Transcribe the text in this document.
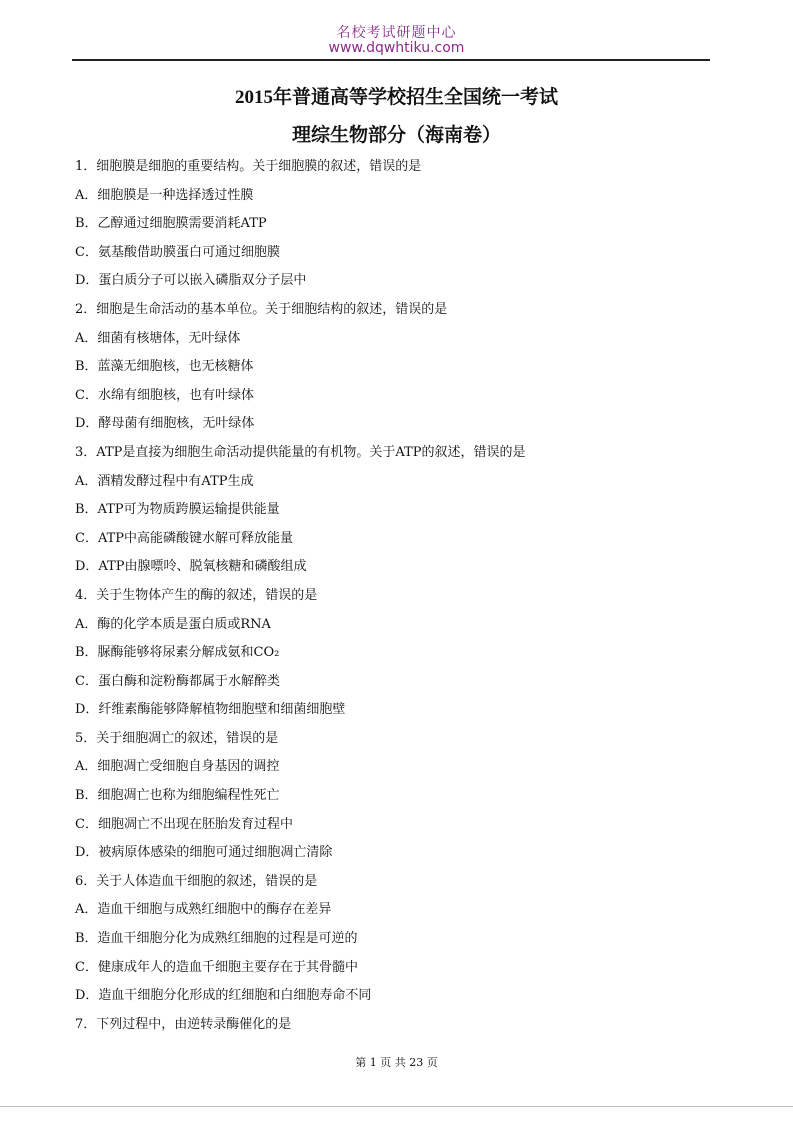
名校考试研题中心
www.dqwhtiku.com
2015年普通高等学校招生全国统一考试
理综生物部分（海南卷）
1．细胞膜是细胞的重要结构。关于细胞膜的叙述，错误的是
A．细胞膜是一种选择透过性膜
B．乙醇通过细胞膜需要消耗ATP
C．氨基酸借助膜蛋白可通过细胞膜
D．蛋白质分子可以嵌入磷脂双分子层中
2．细胞是生命活动的基本单位。关于细胞结构的叙述，错误的是
A．细菌有核塘体，无叶绿体
B．蓝藻无细胞核，也无核糖体
C．水绵有细胞核，也有叶绿体
D．酵母菌有细胞核，无叶绿体
3．ATP是直接为细胞生命活动提供能量的有机物。关于ATP的叙述，错误的是
A．酒精发酵过程中有ATP生成
B．ATP可为物质跨膜运输提供能量
C．ATP中高能磷酸键水解可释放能量
D．ATP由腺嘌呤、脱氧核糖和磷酸组成
4．关于生物体产生的酶的叙述，错误的是
A．酶的化学本质是蛋白质或RNA
B．脲酶能够将尿素分解成氨和CO₂
C．蛋白酶和淀粉酶都属于水解醉类
D．纤维素酶能够降解植物细胞壁和细菌细胞壁
5．关于细胞凋亡的叙述，错误的是
A．细胞凋亡受细胞自身基因的调控
B．细胞凋亡也称为细胞编程性死亡
C．细胞凋亡不出现在胚胎发育过程中
D．被病原体感染的细胞可通过细胞凋亡清除
6．关于人体造血干细胞的叙述，错误的是
A．造血干细胞与成熟红细胞中的酶存在差异
B．造血干细胞分化为成熟红细胞的过程是可逆的
C．健康成年人的造血千细胞主要存在于其骨髓中
D．造血干细胞分化形成的红细胞和白细胞寿命不同
7．下列过程中，由逆转录酶催化的是
第 1 页 共 23 页
